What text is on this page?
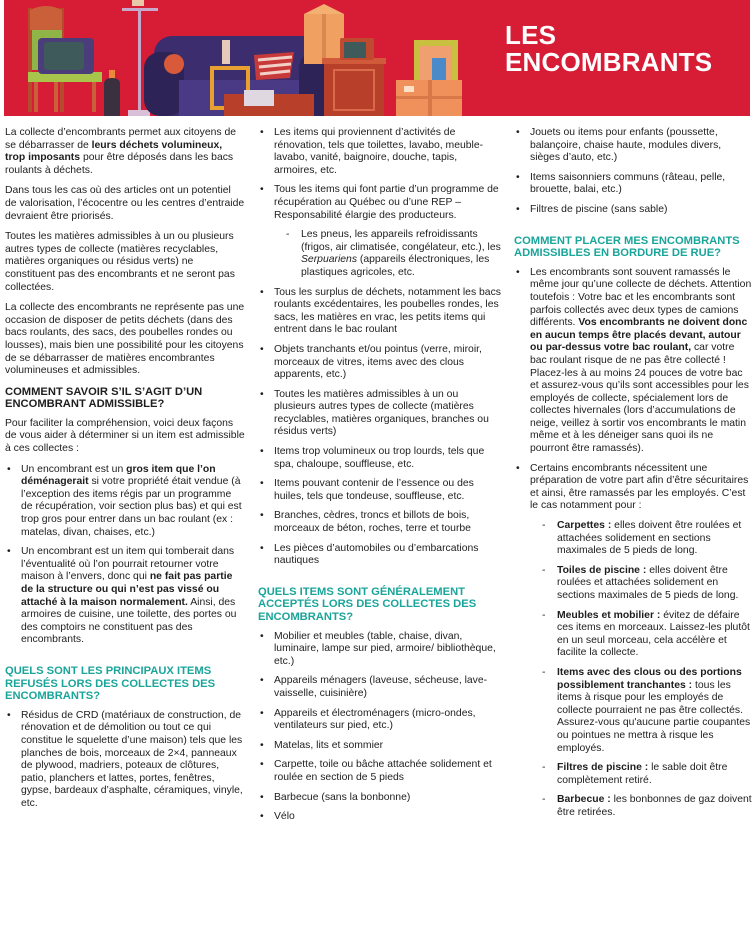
LES
ENCOMBRANTS

La collecte d’encombrants permet aux citoyens de se débarrasser de leurs déchets volumineux, trop imposants pour être déposés dans les bacs roulants à déchets.

Dans tous les cas où des articles ont un potentiel de valorisation, l’écocentre ou les centres d’entraide devraient être priorisés.

Toutes les matières admissibles à un ou plusieurs autres types de collecte (matières recyclables, matières organiques ou résidus verts) ne constituent pas des encombrants et ne seront pas collectées.

La collecte des encombrants ne représente pas une occasion de disposer de petits déchets (dans des bacs roulants, des sacs, des poubelles rondes ou lousses), mais bien une possibilité pour les citoyens de se débarrasser de matières encombrantes volumineuses et admissibles.

COMMENT SAVOIR S’IL S’AGIT D’UN ENCOMBRANT ADMISSIBLE?

Pour faciliter la compréhension, voici deux façons de vous aider à déterminer si un item est admissible à ces collectes :

• Un encombrant est un gros item que l’on déménagerait si votre propriété était vendue (à l’exception des items régis par un programme de récupération, voir section plus bas) et qui est trop gros pour entrer dans un bac roulant (ex : matelas, divan, chaises, etc.)
• Un encombrant est un item qui tomberait dans l’éventualité où l’on pourrait retourner votre maison à l’envers, donc qui ne fait pas partie de la structure ou qui n’est pas vissé ou attaché à la maison normalement. Ainsi, des armoires de cuisine, une toilette, des portes ou des comptoirs ne constituent pas des encombrants.
QUELS SONT LES PRINCIPAUX ITEMS REFUSÉS LORS DES COLLECTES DES ENCOMBRANTS?
• Résidus de CRD (matériaux de construction, de rénovation et de démolition ou tout ce qui constitue le squelette d’une maison) tels que les planches de bois, morceaux de 2×4, panneaux de plywood, madriers, poteaux de clôtures, patio, planchers et lattes, portes, fenêtres, gypse, bardeaux d’asphalte, céramiques, vinyle, etc.
• Les items qui proviennent d’activités de rénovation, tels que toilettes, lavabo, meuble-lavabo, vanité, baignoire, douche, tapis, armoires, etc.
• Tous les items qui font partie d’un programme de récupération au Québec ou d’une REP – Responsabilité élargie des producteurs.
- Les pneus, les appareils refroidissants (frigos, air climatisée, congélateur, etc.), les Serpuariens (appareils électroniques, les plastiques agricoles, etc.
• Tous les surplus de déchets, notamment les bacs roulants excédentaires, les poubelles rondes, les sacs, les matières en vrac, les petits items qui entrent dans le bac roulant
• Objets tranchants et/ou pointus (verre, miroir, morceaux de vitres, items avec des clous apparents, etc.)
• Toutes les matières admissibles à un ou plusieurs autres types de collecte (matières recyclables, matières organiques, branches ou résidus verts)
• Items trop volumineux ou trop lourds, tels que spa, chaloupe, souffleuse, etc.
• Items pouvant contenir de l’essence ou des huiles, tels que tondeuse, souffleuse, etc.
• Branches, cèdres, troncs et billots de bois, morceaux de béton, roches, terre et tourbe
• Les pièces d’automobiles ou d’embarcations nautiques
QUELS ITEMS SONT GÉNÉRALEMENT ACCEPTÉS LORS DES COLLECTES DES ENCOMBRANTS?
• Mobilier et meubles (table, chaise, divan, luminaire, lampe sur pied, armoire/ bibliothèque, etc.)
• Appareils ménagers (laveuse, sécheuse, lave-vaisselle, cuisinière)
• Appareils et électroménagers (micro-ondes, ventilateurs sur pied, etc.)
• Matelas, lits et sommier
• Carpette, toile ou bâche attachée solidement et roulée en section de 5 pieds
• Barbecue (sans la bonbonne)
• Vélo
• Jouets ou items pour enfants (poussette, balançoire, chaise haute, modules divers, sièges d’auto, etc.)
• Items saisonniers communs (râteau, pelle, brouette, balai, etc.)
• Filtres de piscine (sans sable)
COMMENT PLACER MES ENCOMBRANTS ADMISSIBLES EN BORDURE DE RUE?
• Les encombrants sont souvent ramassés le même jour qu’une collecte de déchets. Attention toutefois : Votre bac et les encombrants sont parfois collectés avec deux types de camions différents. Vos encombrants ne doivent donc en aucun temps être placés devant, autour ou par-dessus votre bac roulant, car votre bac roulant risque de ne pas être collecté ! Placez-les à au moins 24 pouces de votre bac et assurez-vous qu’ils sont accessibles pour les employés de collecte, spécialement lors de collectes hivernales (lors d’accumulations de neige, veillez à sortir vos encombrants le matin même et à les déneiger sans quoi ils ne pourront être ramassés).
• Certains encombrants nécessitent une préparation de votre part afin d’être sécuritaires et ainsi, être ramassés par les employés. C’est le cas notamment pour :
- Carpettes : elles doivent être roulées et attachées solidement en sections maximales de 5 pieds de long.
- Toiles de piscine : elles doivent être roulées et attachées solidement en sections maximales de 5 pieds de long.
- Meubles et mobilier : évitez de défaire ces items en morceaux. Laissez-les plutôt en un seul morceau, cela accélère et facilite la collecte.
- Items avec des clous ou des portions possiblement tranchantes : tous les items à risque pour les employés de collecte pourraient ne pas être collectés. Assurez-vous qu'aucune partie coupantes ou pointues ne mettra à risque les employés.
- Filtres de piscine : le sable doit être complètement retiré.
- Barbecue : les bonbonnes de gaz doivent être retirées.
